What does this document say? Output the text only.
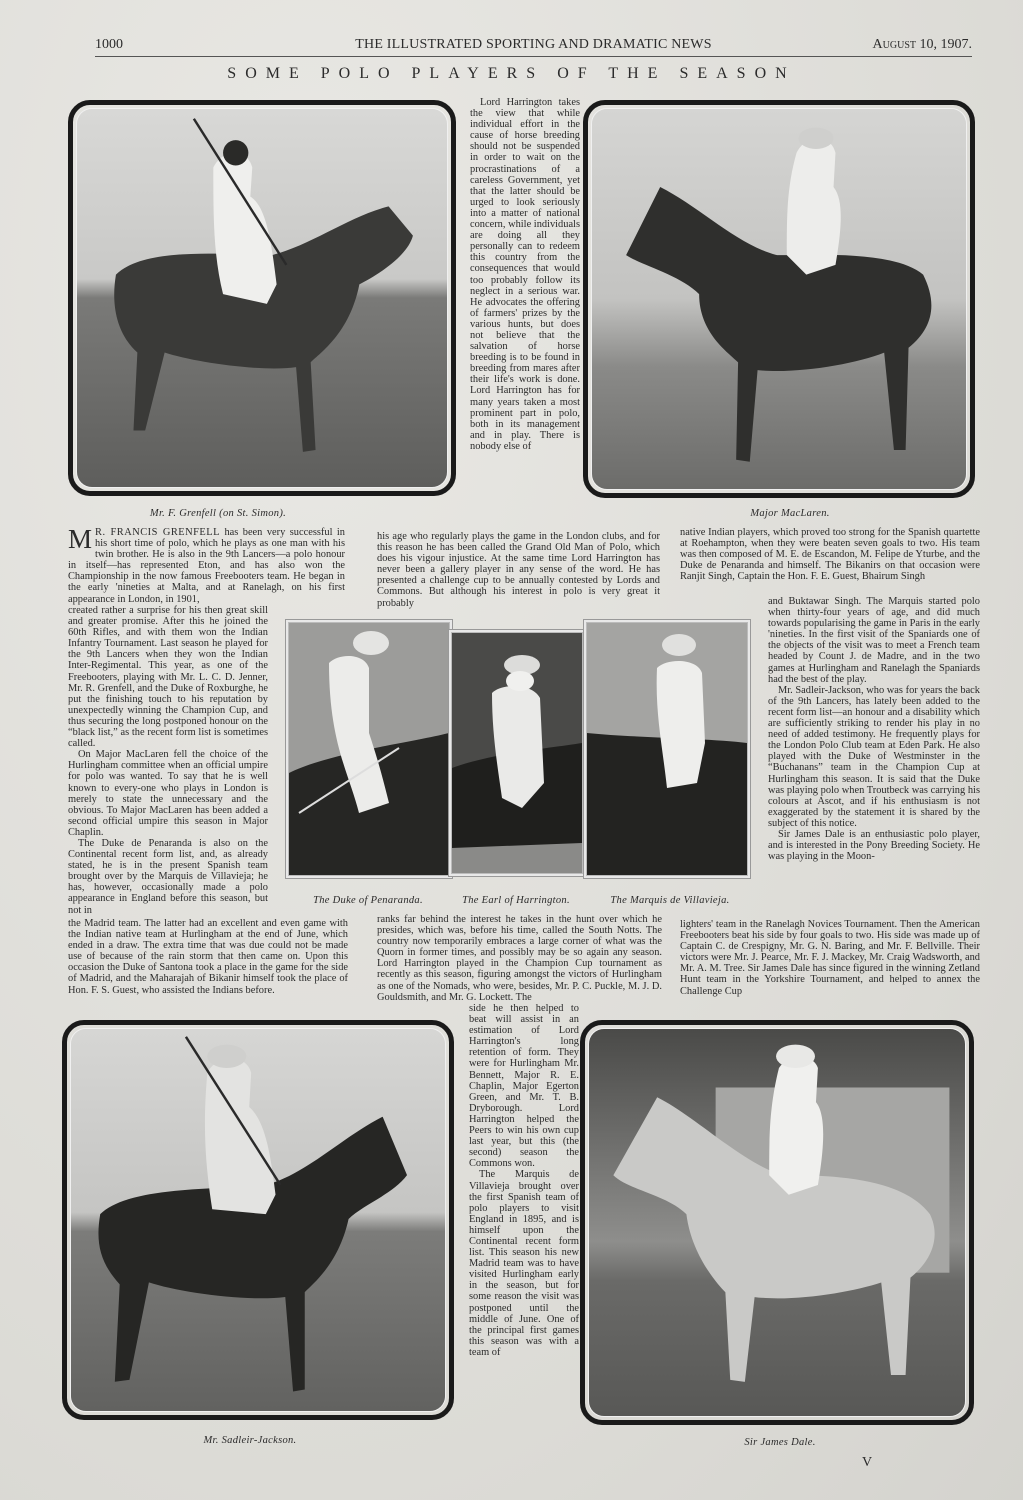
1000	THE ILLUSTRATED SPORTING AND DRAMATIC NEWS	August 10, 1907.
SOME POLO PLAYERS OF THE SEASON
Mr. F. Grenfell (on St. Simon).	Major MacLaren.

Lord Harrington takes the view that while individual effort in the cause of horse breeding should not be suspended in order to wait on the procrastinations of a careless Government, yet that the latter should be urged to look seriously into a matter of national concern, while individuals are doing all they personally can to redeem this country from the consequences that would too probably follow its neglect in a serious war. He advocates the offering of farmers' prizes by the various hunts, but does not believe that the salvation of horse breeding is to be found in breeding from mares after their life's work is done. Lord Harrington has for many years taken a most prominent part in polo, both in its management and in play. There is nobody else of

M R. FRANCIS GRENFELL has been very successful in his short time of polo, which he plays as one man with his twin brother. He is also in the 9th Lancers—a polo honour in itself—has represented Eton, and has also won the Championship in the now famous Freebooters team. He began in the early 'nineties at Malta, and at Ranelagh, on his first appearance in London, in 1901,

created rather a surprise for his then great skill and greater promise. After this he joined the 60th Rifles, and with them won the Indian Infantry Tournament. Last season he played for the 9th Lancers when they won the Indian Inter-Regimental. This year, as one of the Freebooters, playing with Mr. L. C. D. Jenner, Mr. R. Grenfell, and the Duke of Roxburghe, he put the finishing touch to his reputation by unexpectedly winning the Champion Cup, and thus securing the long postponed honour on the “black list,” as the recent form list is sometimes called.

On Major MacLaren fell the choice of the Hurlingham committee when an official umpire for polo was wanted. To say that he is well known to every-one who plays in London is merely to state the unnecessary and the obvious. To Major MacLaren has been added a second official umpire this season in Major Chaplin.

The Duke de Penaranda is also on the Continental recent form list, and, as already stated, he is in the present Spanish team brought over by the Marquis de Villavieja; he has, however, occasionally made a polo appearance in England before this season, but not in

the Madrid team. The latter had an excellent and even game with the Indian native team at Hurlingham at the end of June, which ended in a draw. The extra time that was due could not be made use of because of the rain storm that then came on. Upon this occasion the Duke of Santona took a place in the game for the side of Madrid, and the Maharajah of Bikanir himself took the place of Hon. F. S. Guest, who assisted the Indians before.

his age who regularly plays the game in the London clubs, and for this reason he has been called the Grand Old Man of Polo, which does his vigour injustice. At the same time Lord Harrington has never been a gallery player in any sense of the word. He has presented a challenge cup to be annually contested by Lords and Commons. But although his interest in polo is very great it probably

The Duke of Penaranda.	The Earl of Harrington.	The Marquis de Villavieja.

ranks far behind the interest he takes in the hunt over which he presides, which was, before his time, called the South Notts. The country now temporarily embraces a large corner of what was the Quorn in former times, and possibly may be so again any season. Lord Harrington played in the Champion Cup tournament as recently as this season, figuring amongst the victors of Hurlingham as one of the Nomads, who were, besides, Mr. P. C. Puckle, M. J. D. Gouldsmith, and Mr. G. Lockett. The

side he then helped to beat will assist in an estimation of Lord Harrington's long retention of form. They were for Hurlingham Mr. Bennett, Major R. E. Chaplin, Major Egerton Green, and Mr. T. B. Dryborough. Lord Harrington helped the Peers to win his own cup last year, but this (the second) season the Commons won.

The Marquis de Villavieja brought over the first Spanish team of polo players to visit England in 1895, and is himself upon the Continental recent form list. This season his new Madrid team was to have visited Hurlingham early in the season, but for some reason the visit was postponed until the middle of June. One of the principal first games this season was with a team of

native Indian players, which proved too strong for the Spanish quartette at Roehampton, when they were beaten seven goals to two. His team was then composed of M. E. de Escandon, M. Felipe de Yturbe, and the Duke de Penaranda and himself. The Bikanirs on that occasion were Ranjit Singh, Captain the Hon. F. E. Guest, Bhairum Singh

and Buktawar Singh. The Marquis started polo when thirty-four years of age, and did much towards popularising the game in Paris in the early 'nineties. In the first visit of the Spaniards one of the objects of the visit was to meet a French team headed by Count J. de Madre, and in the two games at Hurlingham and Ranelagh the Spaniards had the best of the play.

Mr. Sadleir-Jackson, who was for years the back of the 9th Lancers, has lately been added to the recent form list—an honour and a disability which are sufficiently striking to render his play in no need of added testimony. He frequently plays for the London Polo Club team at Eden Park. He also played with the Duke of Westminster in the “Buchanans” team in the Champion Cup at Hurlingham this season. It is said that the Duke was playing polo when Troutbeck was carrying his colours at Ascot, and if his enthusiasm is not exaggerated by the statement it is shared by the subject of this notice.

Sir James Dale is an enthusiastic polo player, and is interested in the Pony Breeding Society. He was playing in the Moon-

lighters' team in the Ranelagh Novices Tournament. Then the American Freebooters beat his side by four goals to two. His side was made up of Captain C. de Crespigny, Mr. G. N. Baring, and Mr. F. Bellville. Their victors were Mr. J. Pearce, Mr. F. J. Mackey, Mr. Craig Wadsworth, and Mr. A. M. Tree. Sir James Dale has since figured in the winning Zetland Hunt team in the Yorkshire Tournament, and helped to annex the Challenge Cup

Mr. Sadleir-Jackson.	Sir James Dale.
V
